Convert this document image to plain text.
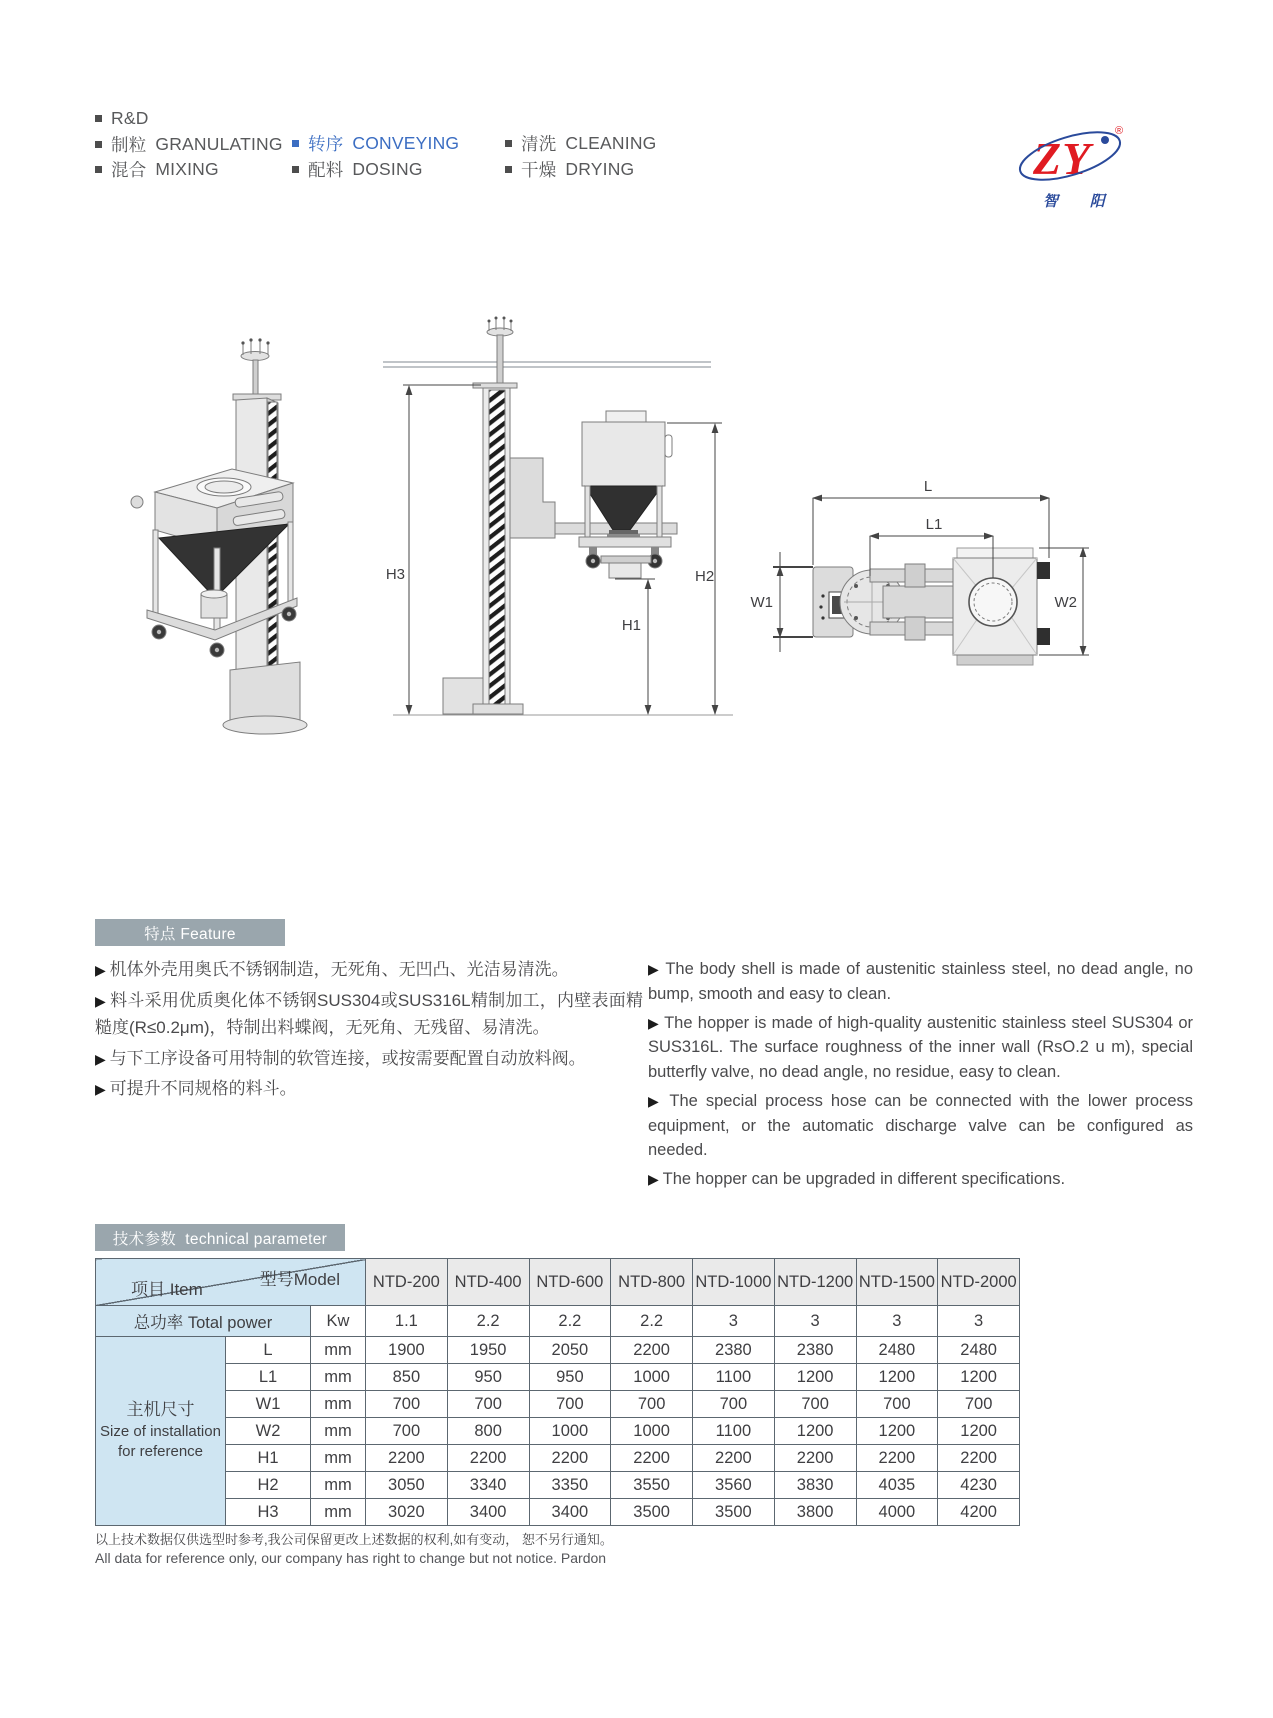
R&D
制粒 GRANULATING
混合 MIXING
转序 CONVEYING
配料 DOSING
清洗 CLEANING
干燥 DRYING	ZY
®
智 阳
H3
H1
H2
L
L1
W1	W2
特点 Feature

▶ 机体外壳用奥氏不锈钢制造，无死角、无凹凸、光洁易清洗。

▶ 料斗采用优质奥化体不锈钢SUS304或SUS316L精制加工，内壁表面精糙度(R≤0.2μm)，特制出料蝶阀，无死角、无残留、易清洗。

▶ 与下工序设备可用特制的软管连接，或按需要配置自动放料阀。

▶ 可提升不同规格的料斗。

▶ The body shell is made of austenitic stainless steel, no dead angle, no bump, smooth and easy to clean.

▶ The hopper is made of high-quality austenitic stainless steel SUS304 or SUS316L. The surface roughness of the inner wall (RsO.2 u m), special butterfly valve, no dead angle, no residue, easy to clean.

▶ The special process hose can be connected with the lower process equipment, or the automatic discharge valve can be configured as needed.

▶ The hopper can be upgraded in different specifications.

技术参数  technical parameter
项目 Item
型号Model			NTD-200	NTD-400	NTD-600	NTD-800	NTD-1000	NTD-1200	NTD-1500	NTD-2000
总功率 Total power		Kw	1.1	2.2	2.2	2.2	3	3	3	3

主机尺寸
Size of installation
for reference	L	mm	1900	1950	2050	2200	2380	2380	2480	2480
	L1	mm	850	950	950	1000	1100	1200	1200	1200
	W1	mm	700	700	700	700	700	700	700	700
	W2	mm	700	800	1000	1000	1100	1200	1200	1200
	H1	mm	2200	2200	2200	2200	2200	2200	2200	2200
	H2	mm	3050	3340	3350	3550	3560	3830	4035	4230
	H3	mm	3020	3400	3400	3500	3500	3800	4000	4200
以上技术数据仅供选型时参考,我公司保留更改上述数据的权利,如有变动， 恕不另行通知。
All data for reference only, our company has right to change but not notice. Pardon
